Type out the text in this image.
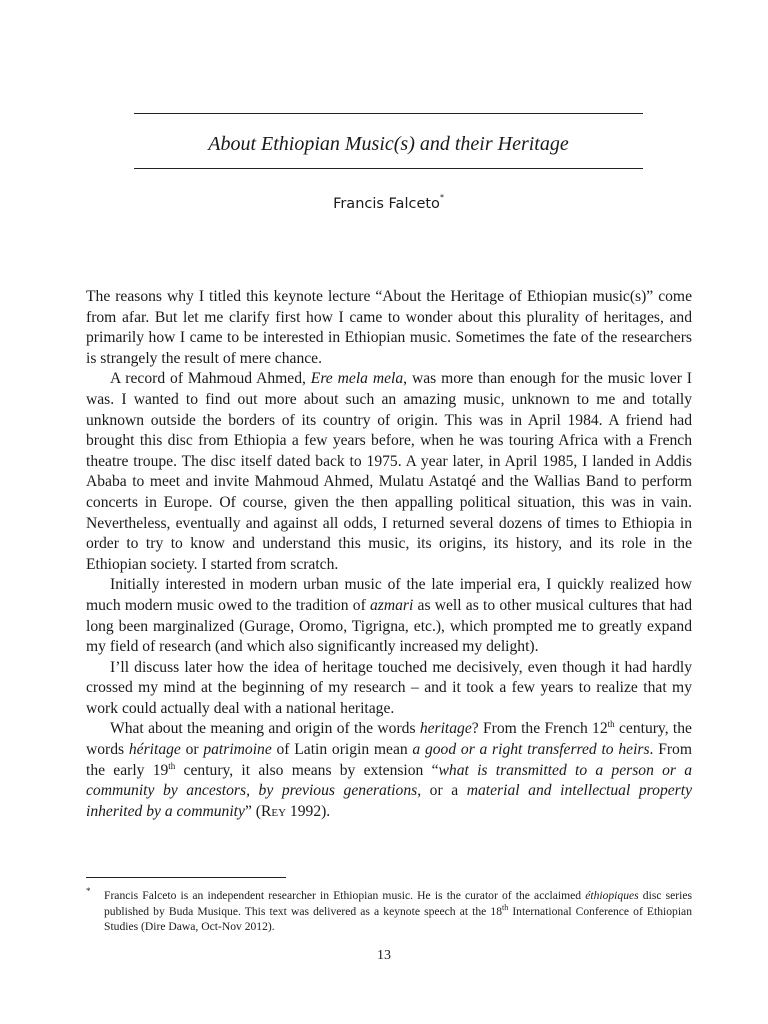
About Ethiopian Music(s) and their Heritage
Francis Falceto*

The reasons why I titled this keynote lecture “About the Heritage of Ethiopian music(s)” come from afar. But let me clarify first how I came to wonder about this plurality of heritages, and primarily how I came to be interested in Ethiopian music. Sometimes the fate of the researchers is strangely the result of mere chance.

A record of Mahmoud Ahmed, Ere mela mela, was more than enough for the music lover I was. I wanted to find out more about such an amazing music, unknown to me and totally unknown outside the borders of its country of origin. This was in April 1984. A friend had brought this disc from Ethiopia a few years before, when he was touring Africa with a French theatre troupe. The disc itself dated back to 1975. A year later, in April 1985, I landed in Addis Ababa to meet and invite Mahmoud Ahmed, Mulatu Astatqé and the Wallias Band to perform concerts in Europe. Of course, given the then appalling political situation, this was in vain. Nevertheless, eventually and against all odds, I returned several dozens of times to Ethiopia in order to try to know and understand this music, its origins, its history, and its role in the Ethiopian society. I started from scratch.

Initially interested in modern urban music of the late imperial era, I quickly realized how much modern music owed to the tradition of azmari as well as to other musical cultures that had long been marginalized (Gurage, Oromo, Tigrigna, etc.), which prompted me to greatly expand my field of research (and which also significantly increased my delight).

I’ll discuss later how the idea of heritage touched me decisively, even though it had hardly crossed my mind at the beginning of my research – and it took a few years to realize that my work could actually deal with a national heritage.

What about the meaning and origin of the words heritage? From the French 12th century, the words héritage or patrimoine of Latin origin mean a good or a right transferred to heirs. From the early 19th century, it also means by extension “what is transmitted to a person or a community by ancestors, by previous generations, or a material and intellectual property inherited by a community” (Rey 1992).

*	Francis Falceto is an independent researcher in Ethiopian music. He is the curator of the acclaimed éthiopiques disc series published by Buda Musique. This text was delivered as a keynote speech at the 18th International Conference of Ethiopian Studies (Dire Dawa, Oct-Nov 2012).
13
